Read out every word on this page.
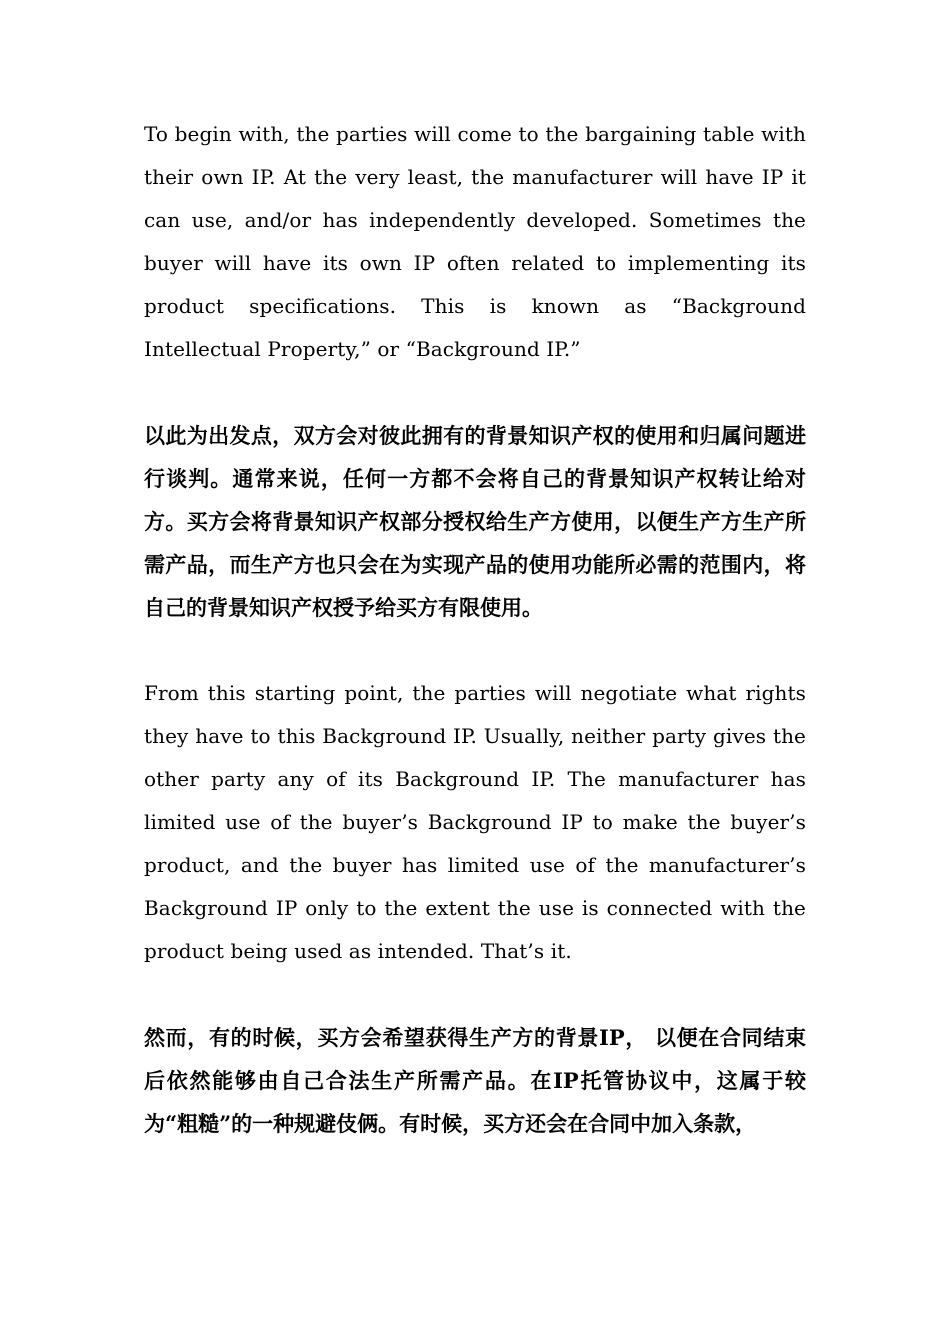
To begin with, the parties will come to the bargaining table with their own IP. At the very least, the manufacturer will have IP it can use, and/or has independently developed. Sometimes the buyer will have its own IP often related to implementing its product specifications. This is known as “Background Intellectual Property,” or “Background IP.”

以此为出发点，双方会对彼此拥有的背景知识产权的使用和归属问题进行谈判。通常来说，任何一方都不会将自己的背景知识产权转让给对方。买方会将背景知识产权部分授权给生产方使用，以便生产方生产所需产品，而生产方也只会在为实现产品的使用功能所必需的范围内，将自己的背景知识产权授予给买方有限使用。

From this starting point, the parties will negotiate what rights they have to this Background IP. Usually, neither party gives the other party any of its Background IP. The manufacturer has limited use of the buyer’s Background IP to make the buyer’s product, and the buyer has limited use of the manufacturer’s Background IP only to the extent the use is connected with the product being used as intended. That’s it.

然而，有的时候，买方会希望获得生产方的背景IP， 以便在合同结束后依然能够由自己合法生产所需产品。在IP托管协议中，这属于较为“粗糙”的一种规避伎俩。有时候，买方还会在合同中加入条款，
